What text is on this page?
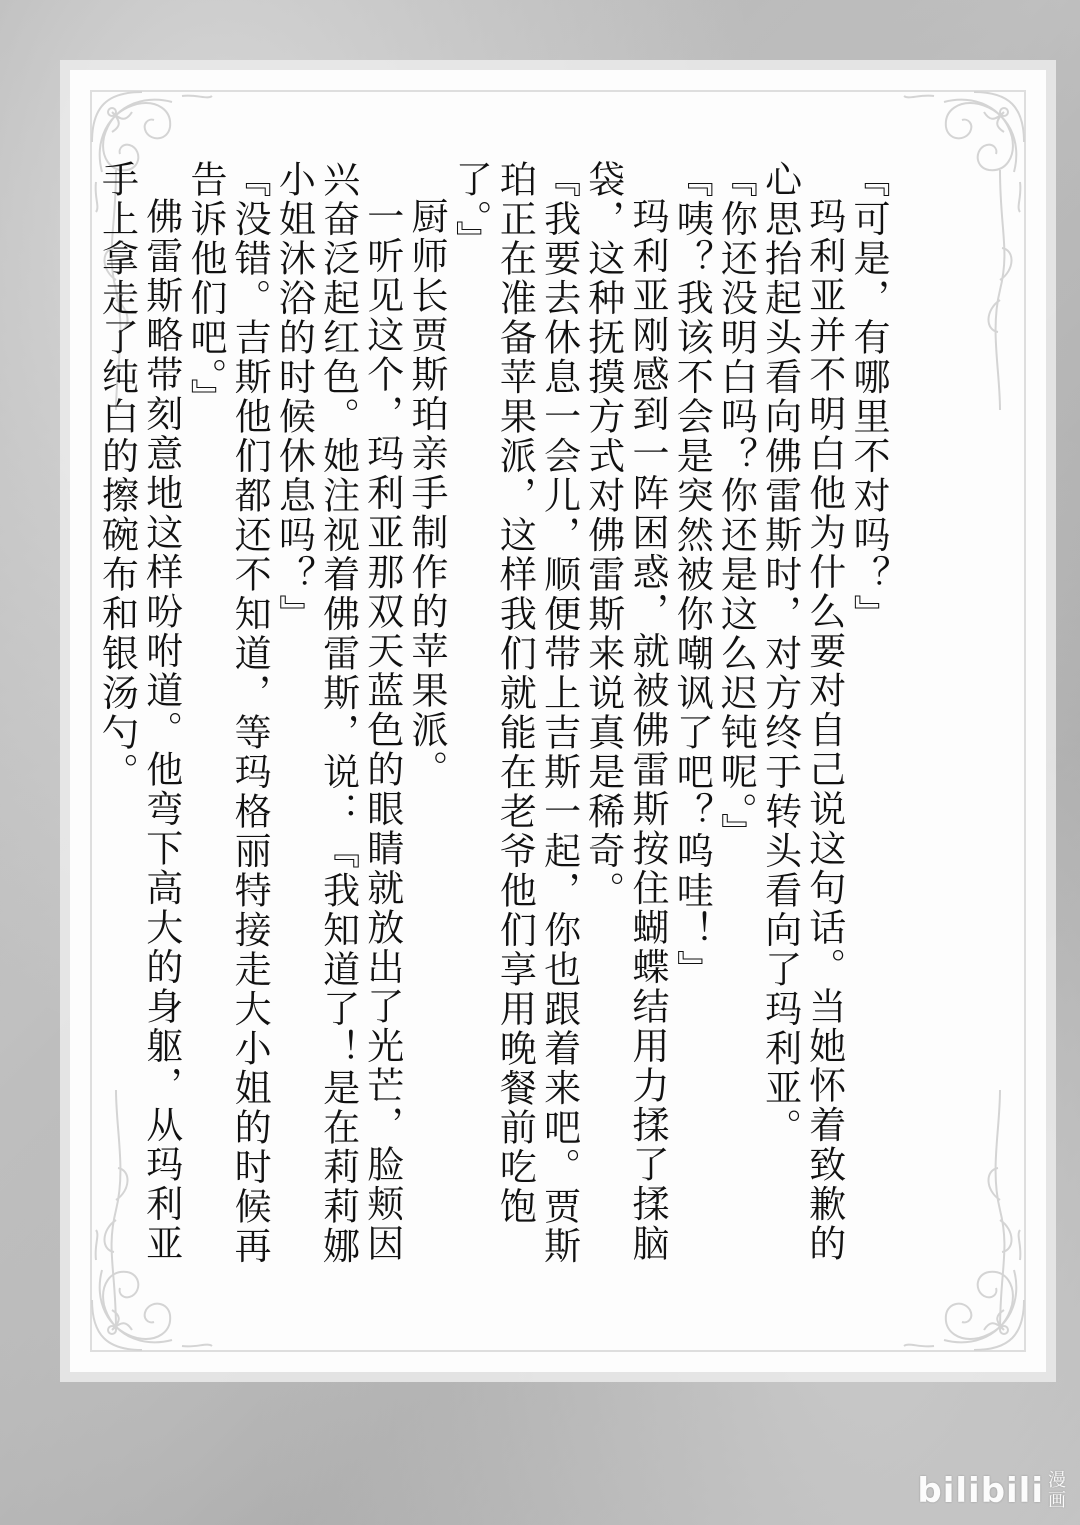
『可是，有哪里不对吗？』

玛利亚并不明白他为什么要对自己说这句话。当她怀着致歉的心思抬起头看向佛雷斯时，对方终于转头看向了玛利亚。

『你还没明白吗？你还是这么迟钝呢。』

『咦？我该不会是突然被你嘲讽了吧？呜哇！』

玛利亚刚感到一阵困惑，就被佛雷斯按住蝴蝶结用力揉了揉脑袋，这种抚摸方式对佛雷斯来说真是稀奇。

『我要去休息一会儿，顺便带上吉斯一起，你也跟着来吧。贾斯珀正在准备苹果派，这样我们就能在老爷他们享用晚餐前吃饱了。』

厨师长贾斯珀亲手制作的苹果派。

一听见这个，玛利亚那双天蓝色的眼睛就放出了光芒，脸颊因兴奋泛起红色。她注视着佛雷斯，说：『我知道了！是在莉莉娜小姐沐浴的时候休息吗？』

『没错。吉斯他们都还不知道，等玛格丽特接走大小姐的时候再告诉他们吧。』

佛雷斯略带刻意地这样吩咐道。他弯下高大的身躯，从玛利亚手上拿走了纯白的擦碗布和银汤勺。

bilibili 漫
画
